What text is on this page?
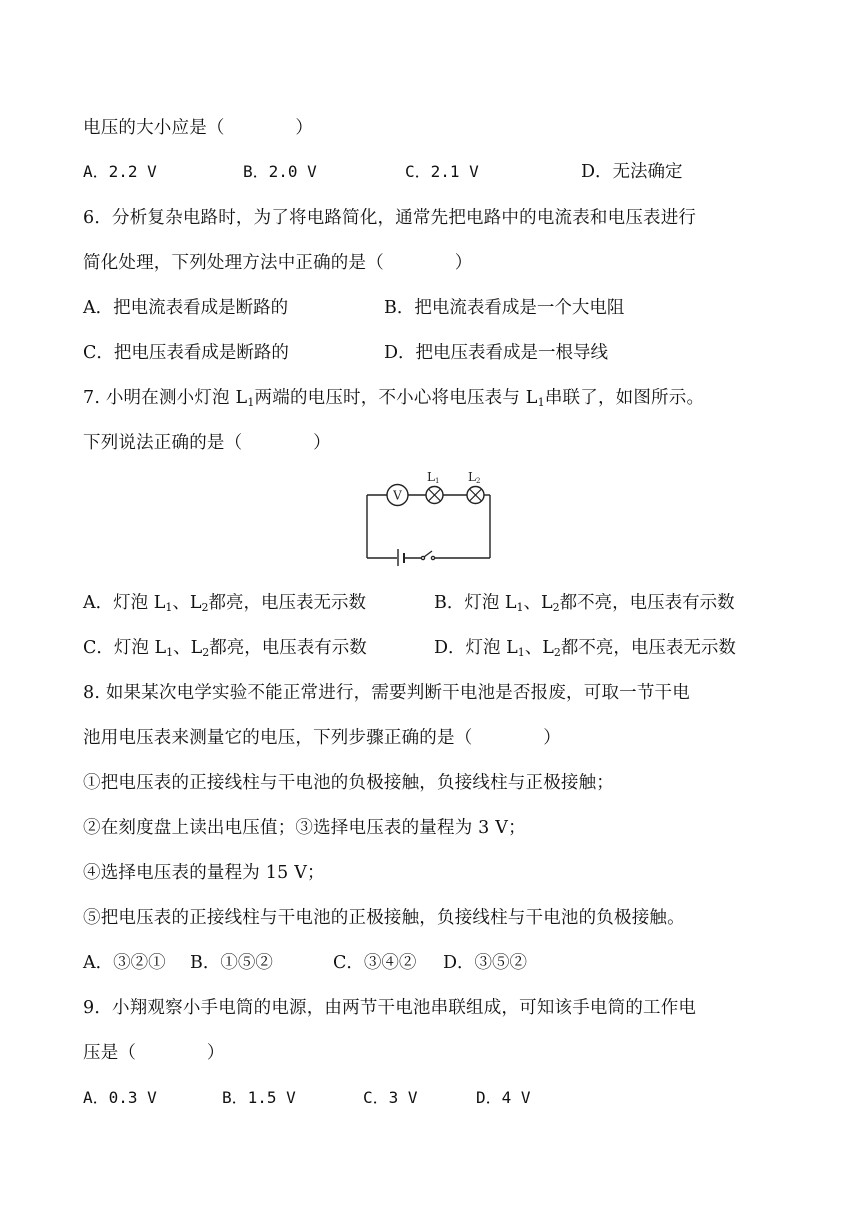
电压的大小应是（　　　　）
A．2.2 V	B．2.0 V	C．2.1 V	D．无法确定
6．分析复杂电路时，为了将电路简化，通常先把电路中的电流表和电压表进行
简化处理，下列处理方法中正确的是（　　　　）
A．把电流表看成是断路的	B．把电流表看成是一个大电阻
C．把电压表看成是断路的	D．把电压表看成是一根导线
7. 小明在测小灯泡 L1两端的电压时，不小心将电压表与 L1串联了，如图所示。
下列说法正确的是（　　　　）
V
L1 L2
A．灯泡 L1、L2都亮，电压表无示数	B．灯泡 L1、L2都不亮，电压表有示数
C．灯泡 L1、L2都亮，电压表有示数	D．灯泡 L1、L2都不亮，电压表无示数
8. 如果某次电学实验不能正常进行，需要判断干电池是否报废，可取一节干电
池用电压表来测量它的电压，下列步骤正确的是（　　　　）
①把电压表的正接线柱与干电池的负极接触，负接线柱与正极接触；
②在刻度盘上读出电压值；③选择电压表的量程为 3 V；
④选择电压表的量程为 15 V；
⑤把电压表的正接线柱与干电池的正极接触，负接线柱与干电池的负极接触。
A．③②① B．①⑤②	C．③④② D．③⑤②
9．小翔观察小手电筒的电源，由两节干电池串联组成，可知该手电筒的工作电
压是（　　　　）
A．0.3 V	B．1.5 V	C．3 V	D．4 V
